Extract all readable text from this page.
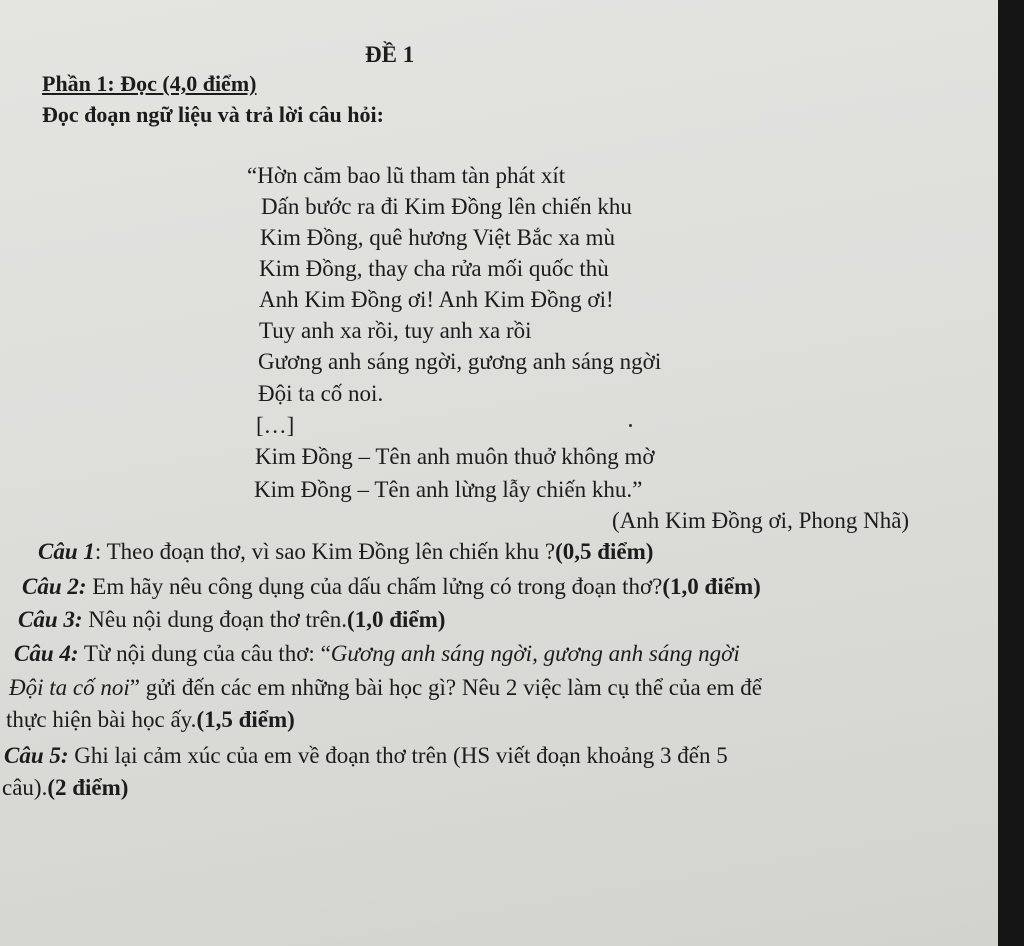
ĐỀ 1
Phần 1: Đọc (4,0 điểm)
Đọc đoạn ngữ liệu và trả lời câu hỏi:
“Hờn căm bao lũ tham tàn phát xít
Dấn bước ra đi Kim Đồng lên chiến khu
Kim Đồng, quê hương Việt Bắc xa mù
Kim Đồng, thay cha rửa mối quốc thù
Anh Kim Đồng ơi! Anh Kim Đồng ơi!
Tuy anh xa rồi, tuy anh xa rồi
Gương anh sáng ngời, gương anh sáng ngời
Đội ta cố noi.
[…]
Kim Đồng – Tên anh muôn thuở không mờ
Kim Đồng – Tên anh lừng lẫy chiến khu.”
(Anh Kim Đồng ơi, Phong Nhã)
Câu 1: Theo đoạn thơ, vì sao Kim Đồng lên chiến khu ?(0,5 điểm)
Câu 2: Em hãy nêu công dụng của dấu chấm lửng có trong đoạn thơ?(1,0 điểm)
Câu 3: Nêu nội dung đoạn thơ trên.(1,0 điểm)
Câu 4: Từ nội dung của câu thơ: “Gương anh sáng ngời, gương anh sáng ngời
Đội ta cố noi” gửi đến các em những bài học gì? Nêu 2 việc làm cụ thể của em để
thực hiện bài học ấy.(1,5 điểm)
Câu 5: Ghi lại cảm xúc của em về đoạn thơ trên (HS viết đoạn khoảng 3 đến 5
câu).(2 điểm)
